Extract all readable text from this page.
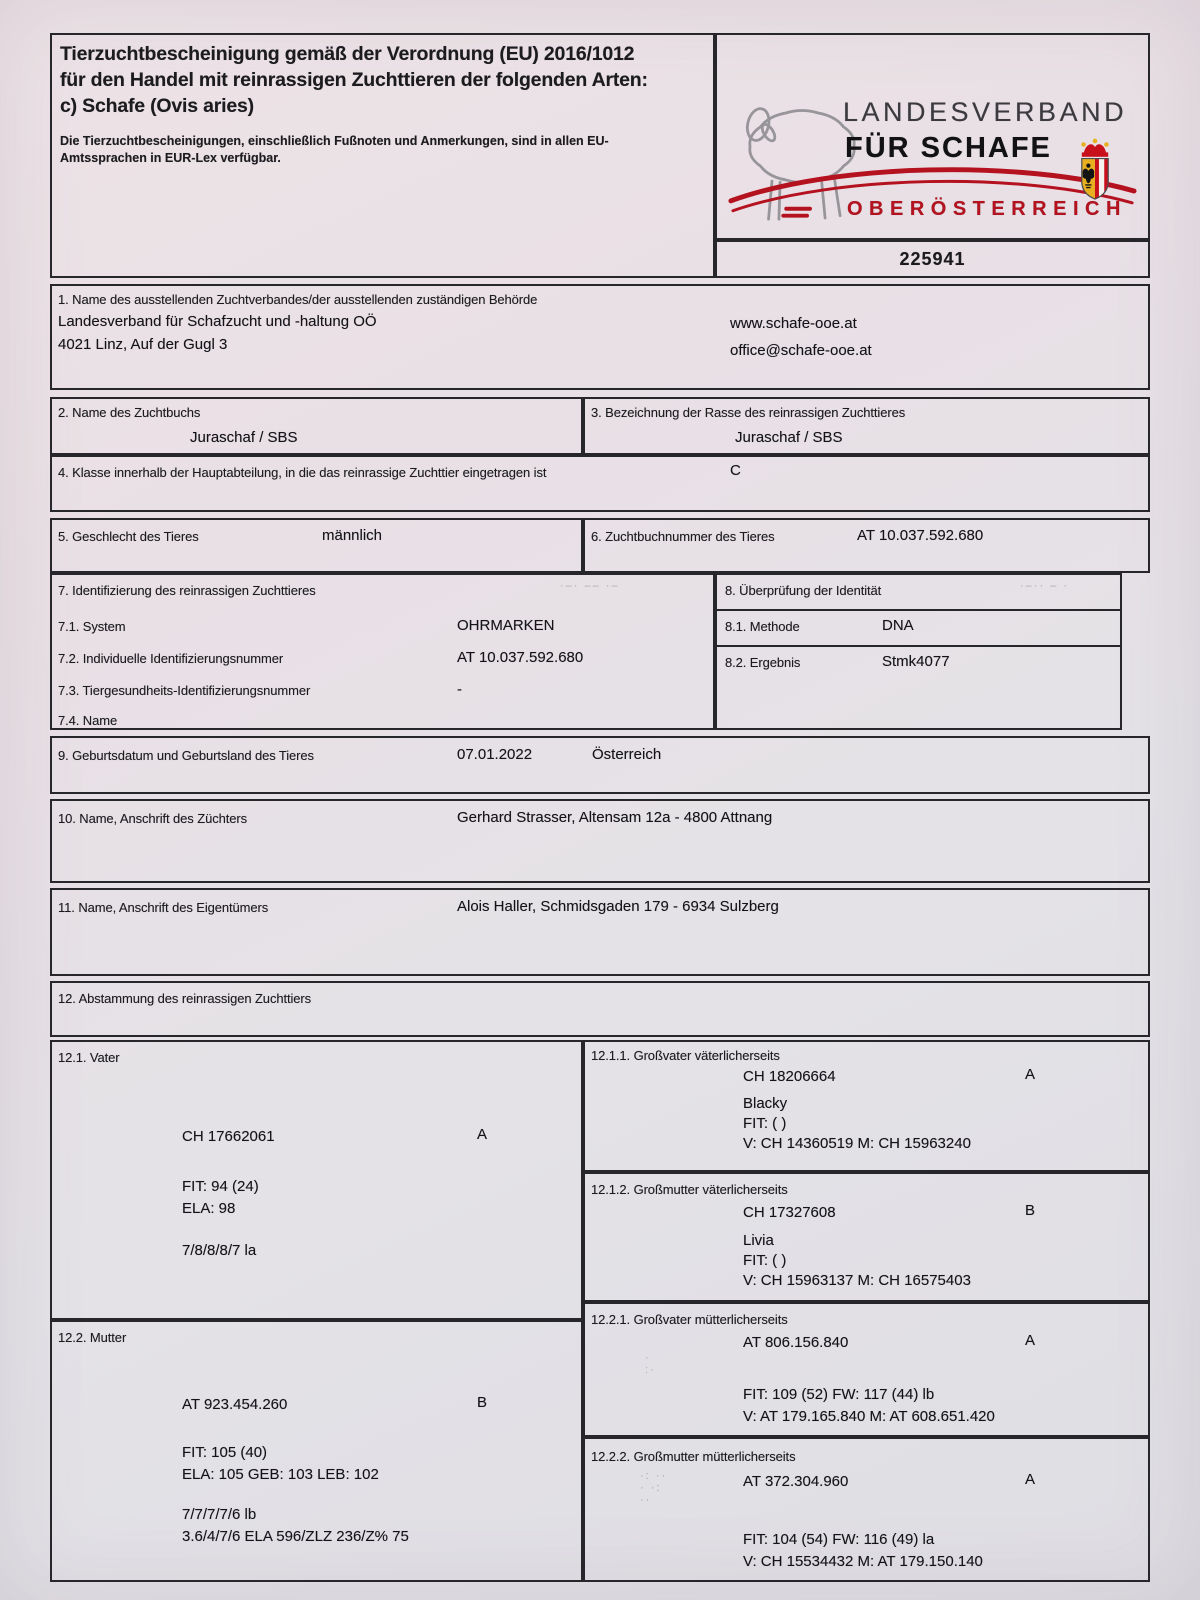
Tierzuchtbescheinigung gemäß der Verordnung (EU) 2016/1012
für den Handel mit reinrassigen Zuchttieren der folgenden Arten:
c) Schafe (Ovis aries)
Die Tierzuchtbescheinigungen, einschließlich Fußnoten und Anmerkungen, sind in allen EU-
Amtssprachen in EUR-Lex verfügbar.
LANDESVERBAND
FÜR SCHAFE
OBERÖSTERREICH
225941
1. Name des ausstellenden Zuchtverbandes/der ausstellenden zuständigen Behörde
Landesverband für Schafzucht und -haltung OÖ
4021 Linz, Auf der Gugl 3
www.schafe-ooe.at
office@schafe-ooe.at
2. Name des Zuchtbuchs
Juraschaf / SBS
3. Bezeichnung der Rasse des reinrassigen Zuchttieres
Juraschaf / SBS
4. Klasse innerhalb der Hauptabteilung, in die das reinrassige Zuchttier eingetragen ist	C
5. Geschlecht des Tieres	männlich	6. Zuchtbuchnummer des Tieres	AT 10.037.592.680
7. Identifizierung des reinrassigen Zuchttieres
7.1. System	OHRMARKEN
7.2. Individuelle Identifizierungsnummer	AT 10.037.592.680
7.3. Tiergesundheits-Identifizierungsnummer	-
7.4. Name
8. Überprüfung der Identität
8.1. Methode	DNA
8.2. Ergebnis	Stmk4077
9. Geburtsdatum und Geburtsland des Tieres	07.01.2022	Österreich
10. Name, Anschrift des Züchters	Gerhard Strasser, Altensam 12a - 4800 Attnang
11. Name, Anschrift des Eigentümers	Alois Haller, Schmidsgaden 179 - 6934 Sulzberg
12. Abstammung des reinrassigen Zuchttiers
12.1. Vater
CH 17662061	A
FIT: 94 (24)
ELA: 98
7/8/8/8/7 la
12.1.1. Großvater väterlicherseits
CH 18206664	A
Blacky
FIT: ( )
V: CH 14360519 M: CH 15963240
12.1.2. Großmutter väterlicherseits
CH 17327608	B
Livia
FIT: ( )
V: CH 15963137 M: CH 16575403
12.2. Mutter
AT 923.454.260	B
FIT: 105 (40)
ELA: 105 GEB: 103 LEB: 102
7/7/7/7/6 lb
3.6/4/7/6 ELA 596/ZLZ 236/Z% 75
12.2.1. Großvater mütterlicherseits
AT 806.156.840	A
FIT: 109 (52) FW: 117 (44) lb
V: AT 179.165.840 M: AT 608.651.420
12.2.2. Großmutter mütterlicherseits
AT 372.304.960	A
FIT: 104 (54) FW: 116 (49) la
V: CH 15534432 M: AT 179.150.140
·–· –– ·–	·–·· – ·
·
:·
·: ··
· ·:
··
